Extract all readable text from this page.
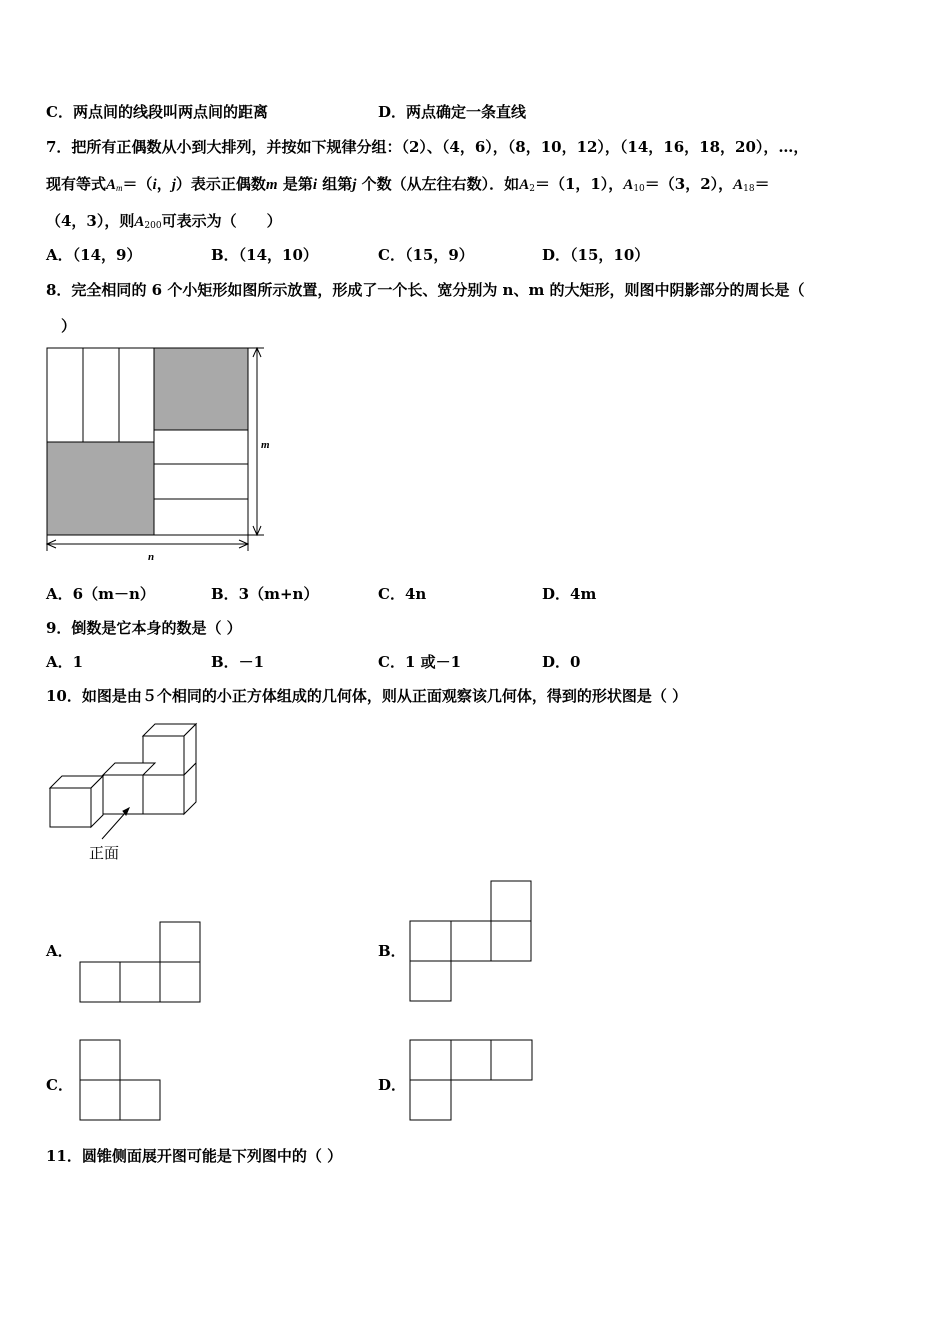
C．两点间的线段叫两点间的距离	D．两点确定一条直线
7．把所有正偶数从小到大排列，并按如下规律分组：（2）、（4，6），（8，10，12），（14，16，18，20），…，
现有等式$A_m=(i$，j）表示正偶数m 是第i 组第j 个数（从左往右数）．如$A_2=(1$，1），$A_{10}=(3$，2），$A_{18}=$
（4，3），则$A_{200}$可表示为（　　）
A．（14，9）	B．（14，10）	C．（15，9）	D．（15，10）
8．完全相同的 6 个小矩形如图所示放置，形成了一个长、宽分别为 n、m 的大矩形，则图中阴影部分的周长是（
　）
m
n
A．6（m－n）	B．3（m+n）	C．4n	D．4m
9．倒数是它本身的数是（ ）
A．1	B．－1	C．1 或－1	D．0
10．如图是由５个相同的小正方体组成的几何体，则从正面观察该几何体，得到的形状图是（ ）
正面
A．	B．
C．	D．
11．圆锥侧面展开图可能是下列图中的（ ）
